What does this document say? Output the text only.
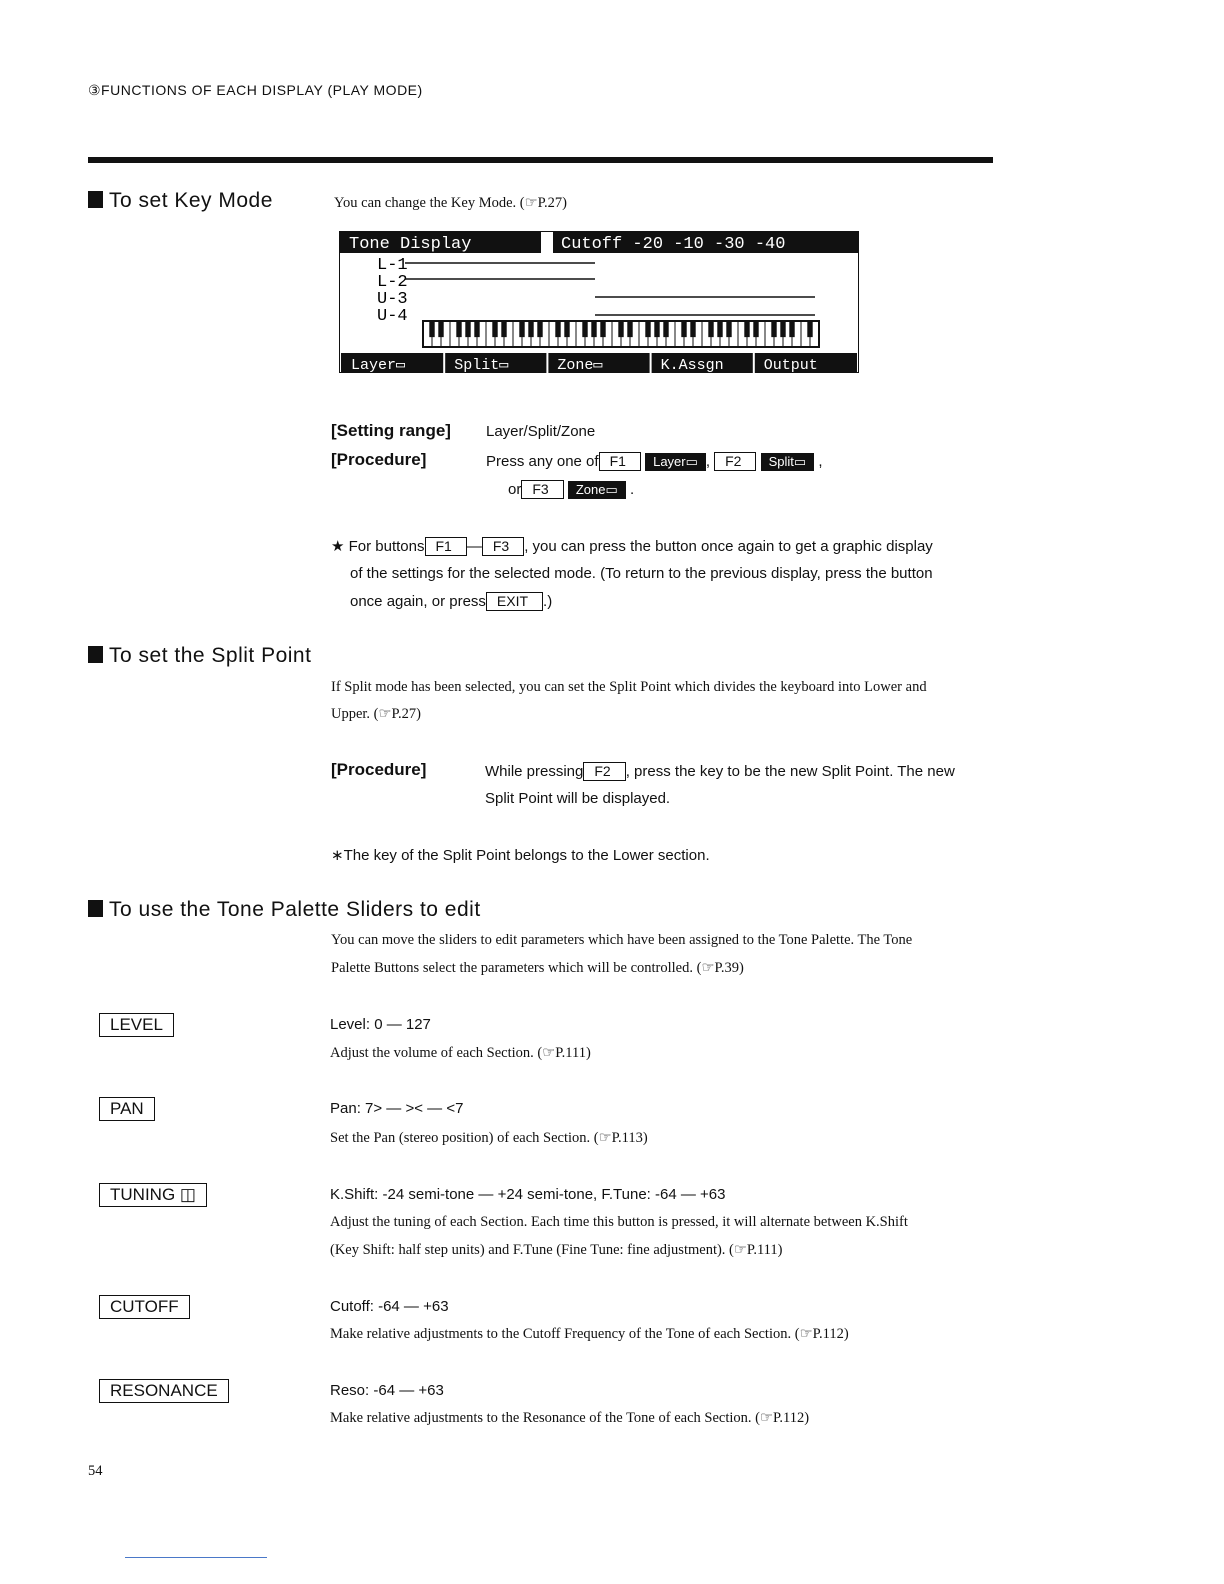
③FUNCTIONS OF EACH DISPLAY (PLAY MODE)
To set Key Mode	You can change the Key Mode. (☞P.27)
Tone Display	Cutoff -20 -10 -30 -40
L-1
L-2
U-3
U-4
Layer▭	Split▭	Zone▭	K.Assgn	Output
[Setting range] Layer/Split/Zone
[Procedure]	Press any one of F1 Layer▭ , F2 Split▭ ,
or F3 Zone▭ .
★ For buttons F1 — F3 , you can press the button once again to get a graphic display
of the settings for the selected mode. (To return to the previous display, press the button
once again, or press EXIT .)
To set the Split Point
If Split mode has been selected, you can set the Split Point which divides the keyboard into Lower and
Upper. (☞P.27)
[Procedure]	While pressing F2 , press the key to be the new Split Point. The new
Split Point will be displayed.
∗The key of the Split Point belongs to the Lower section.
To use the Tone Palette Sliders to edit
You can move the sliders to edit parameters which have been assigned to the Tone Palette. The Tone
Palette Buttons select the parameters which will be controlled. (☞P.39)
LEVEL	Level: 0 — 127
Adjust the volume of each Section. (☞P.111)
PAN	Pan: 7> — >< — <7
Set the Pan (stereo position) of each Section. (☞P.113)
TUNING ◫	K.Shift: -24 semi-tone — +24 semi-tone, F.Tune: -64 — +63
Adjust the tuning of each Section. Each time this button is pressed, it will alternate between K.Shift
(Key Shift: half step units) and F.Tune (Fine Tune: fine adjustment). (☞P.111)
CUTOFF	Cutoff: -64 — +63
Make relative adjustments to the Cutoff Frequency of the Tone of each Section. (☞P.112)
RESONANCE	Reso: -64 — +63
Make relative adjustments to the Resonance of the Tone of each Section. (☞P.112)
54
